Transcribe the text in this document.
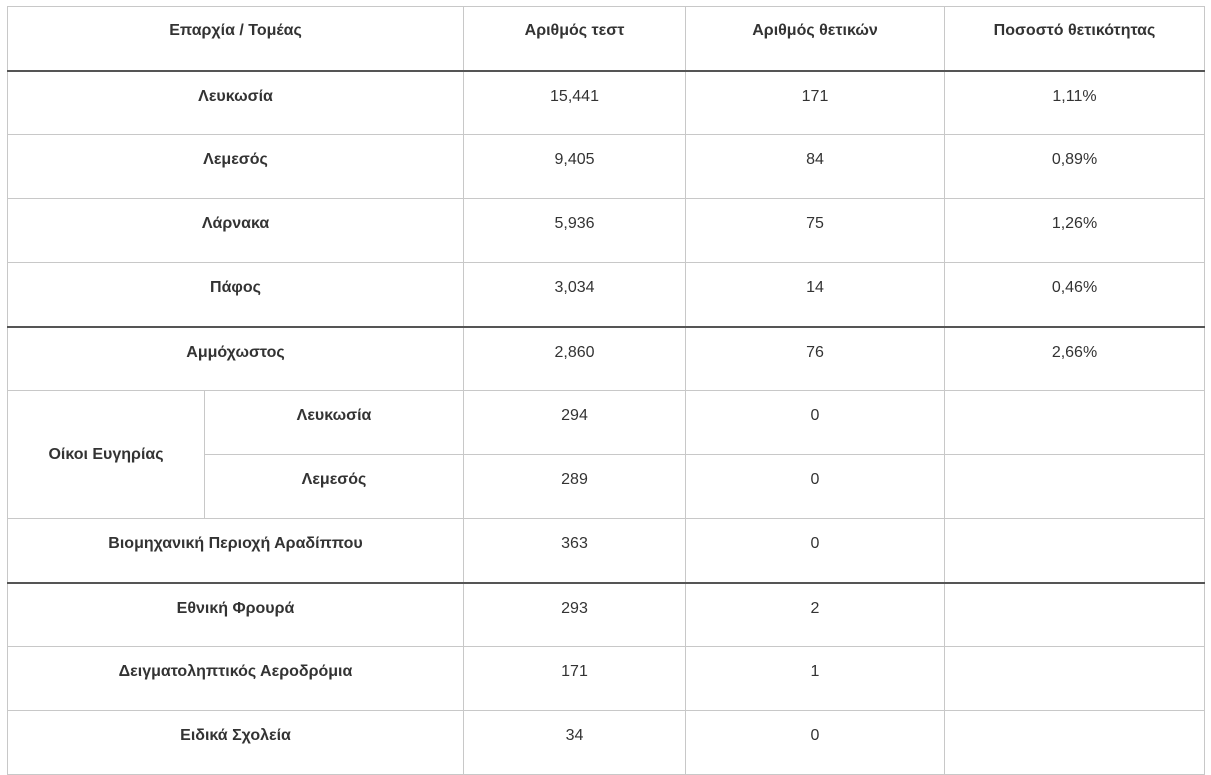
Επαρχία / Τομέας		Αριθμός τεστ	Αριθμός θετικών	Ποσοστό θετικότητας
Λευκωσία		15,441	171	1,11%
Λεμεσός		9,405	84	0,89%
Λάρνακα		5,936	75	1,26%
Πάφος		3,034	14	0,46%
Αμμόχωστος		2,860	76	2,66%
Οίκοι Ευγηρίας	Λευκωσία	294	0	
	Λεμεσός	289	0	
Βιομηχανική Περιοχή Αραδίππου		363	0	
Εθνική Φρουρά		293	2	
Δειγματοληπτικός Αεροδρόμια		171	1	
Ειδικά Σχολεία		34	0	
